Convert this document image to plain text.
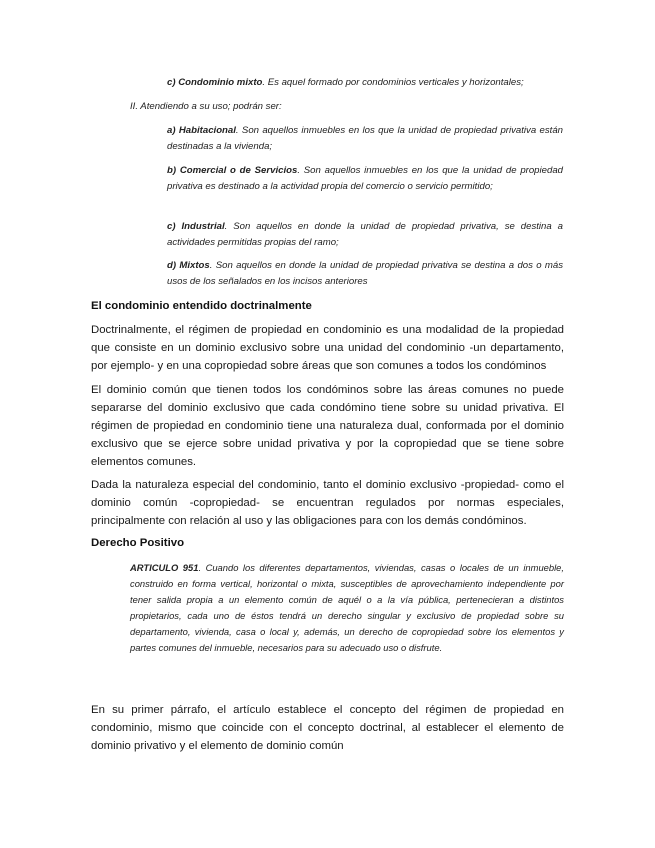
c) Condominio mixto. Es aquel formado por condominios verticales y horizontales;
II. Atendiendo a su uso; podrán ser:
a) Habitacional. Son aquellos inmuebles en los que la unidad de propiedad privativa están destinadas a la vivienda;
b) Comercial o de Servicios. Son aquellos inmuebles en los que la unidad de propiedad privativa es destinado a la actividad propia del comercio o servicio permitido;
c) Industrial. Son aquellos en donde la unidad de propiedad privativa, se destina a actividades permitidas propias del ramo;
d) Mixtos. Son aquellos en donde la unidad de propiedad privativa se destina a dos o más usos de los señalados en los incisos anteriores
El condominio entendido doctrinalmente
Doctrinalmente, el régimen de propiedad en condominio es una modalidad de la propiedad que consiste en un dominio exclusivo sobre una unidad del condominio -un departamento, por ejemplo- y en una copropiedad sobre áreas que son comunes a todos los condóminos
El dominio común que tienen todos los condóminos sobre las áreas comunes no puede separarse del dominio exclusivo que cada condómino tiene sobre su unidad privativa. El régimen de propiedad en condominio tiene una naturaleza dual, conformada por el dominio exclusivo que se ejerce sobre unidad privativa y por la copropiedad que se tiene sobre elementos comunes.
Dada la naturaleza especial del condominio, tanto el dominio exclusivo -propiedad- como el dominio común -copropiedad- se encuentran regulados por normas especiales, principalmente con relación al uso y las obligaciones para con los demás condóminos.
Derecho Positivo
ARTICULO 951. Cuando los diferentes departamentos, viviendas, casas o locales de un inmueble, construido en forma vertical, horizontal o mixta, susceptibles de aprovechamiento independiente por tener salida propia a un elemento común de aquél o a la vía pública, pertenecieran a distintos propietarios, cada uno de éstos tendrá un derecho singular y exclusivo de propiedad sobre su departamento, vivienda, casa o local y, además, un derecho de copropiedad sobre los elementos y partes comunes del inmueble, necesarios para su adecuado uso o disfrute.
En su primer párrafo, el artículo establece el concepto del régimen de propiedad en condominio, mismo que coincide con el concepto doctrinal, al establecer el elemento de dominio privativo y el elemento de dominio común
